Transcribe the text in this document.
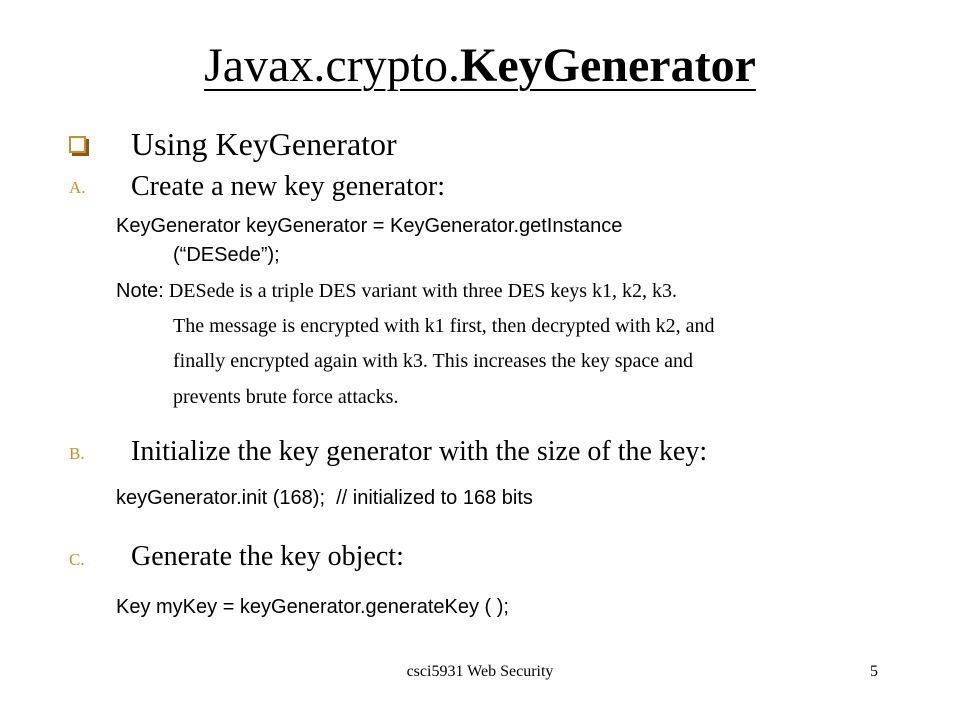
Javax.crypto.KeyGenerator
Using KeyGenerator
A. Create a new key generator:
KeyGenerator keyGenerator = KeyGenerator.getInstance
(“DESede”);
Note: DESede is a triple DES variant with three DES keys k1, k2, k3.
The message is encrypted with k1 first, then decrypted with k2, and
finally encrypted again with k3. This increases the key space and
prevents brute force attacks.
B. Initialize the key generator with the size of the key:
keyGenerator.init (168); // initialized to 168 bits
C. Generate the key object:
Key myKey = keyGenerator.generateKey ( );
csci5931 Web Security	5
